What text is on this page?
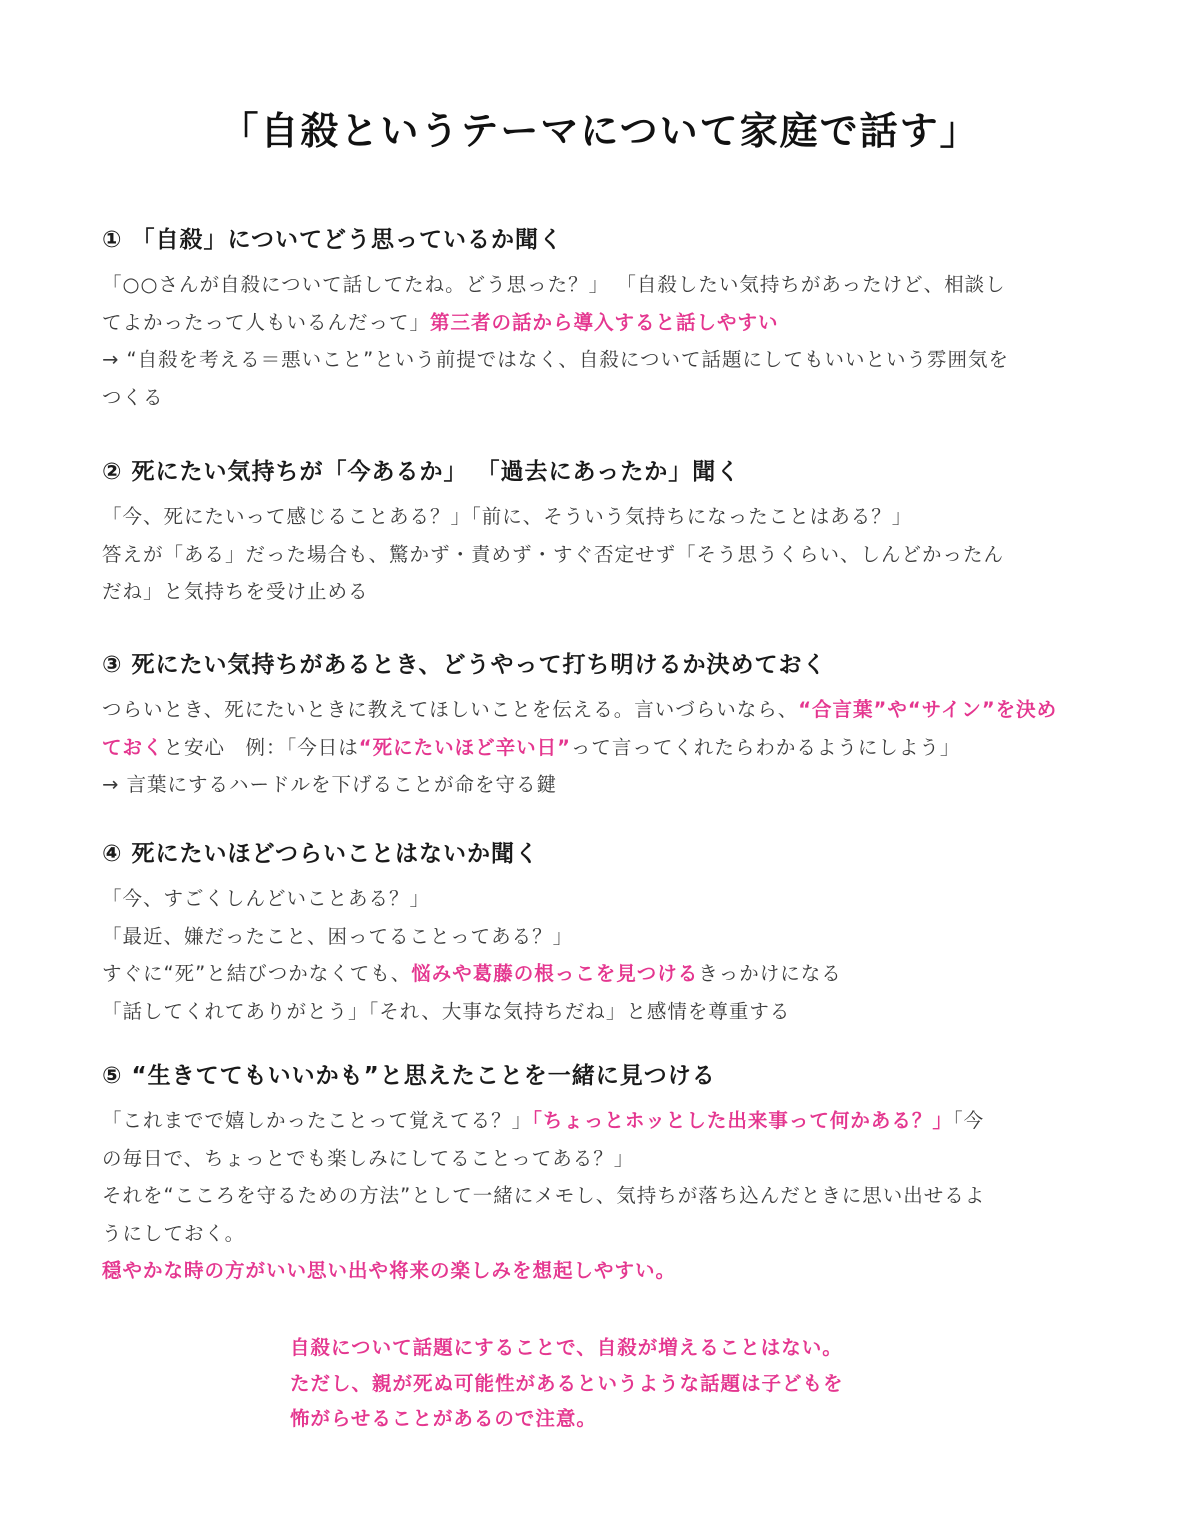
「自殺というテーマについて家庭で話す」
① 「自殺」についてどう思っているか聞く

「○○さんが自殺について話してたね。どう思った？」 「自殺したい気持ちがあったけど、相談し

てよかったって人もいるんだって」第三者の話から導入すると話しやすい

→ “自殺を考える＝悪いこと”という前提ではなく、自殺について話題にしてもいいという雰囲気を

つくる

② 死にたい気持ちが「今あるか」 「過去にあったか」聞く

「今、死にたいって感じることある？」「前に、そういう気持ちになったことはある？」

答えが「ある」だった場合も、驚かず・責めず・すぐ否定せず「そう思うくらい、しんどかったん

だね」と気持ちを受け止める

③ 死にたい気持ちがあるとき、どうやって打ち明けるか決めておく

つらいとき、死にたいときに教えてほしいことを伝える。言いづらいなら、“合言葉”や“サイン”を決め

ておくと安心　例：「今日は“死にたいほど辛い日”って言ってくれたらわかるようにしよう」

→ 言葉にするハードルを下げることが命を守る鍵

④ 死にたいほどつらいことはないか聞く

「今、すごくしんどいことある？」

「最近、嫌だったこと、困ってることってある？」

すぐに“死”と結びつかなくても、悩みや葛藤の根っこを見つけるきっかけになる

「話してくれてありがとう」「それ、大事な気持ちだね」と感情を尊重する

⑤ “生きててもいいかも”と思えたことを一緒に見つける

「これまでで嬉しかったことって覚えてる？」「ちょっとホッとした出来事って何かある？」「今

の毎日で、ちょっとでも楽しみにしてることってある？」

それを“こころを守るための方法”として一緒にメモし、気持ちが落ち込んだときに思い出せるよ

うにしておく。

穏やかな時の方がいい思い出や将来の楽しみを想起しやすい。

自殺について話題にすることで、自殺が増えることはない。

ただし、親が死ぬ可能性があるというような話題は子どもを

怖がらせることがあるので注意。
